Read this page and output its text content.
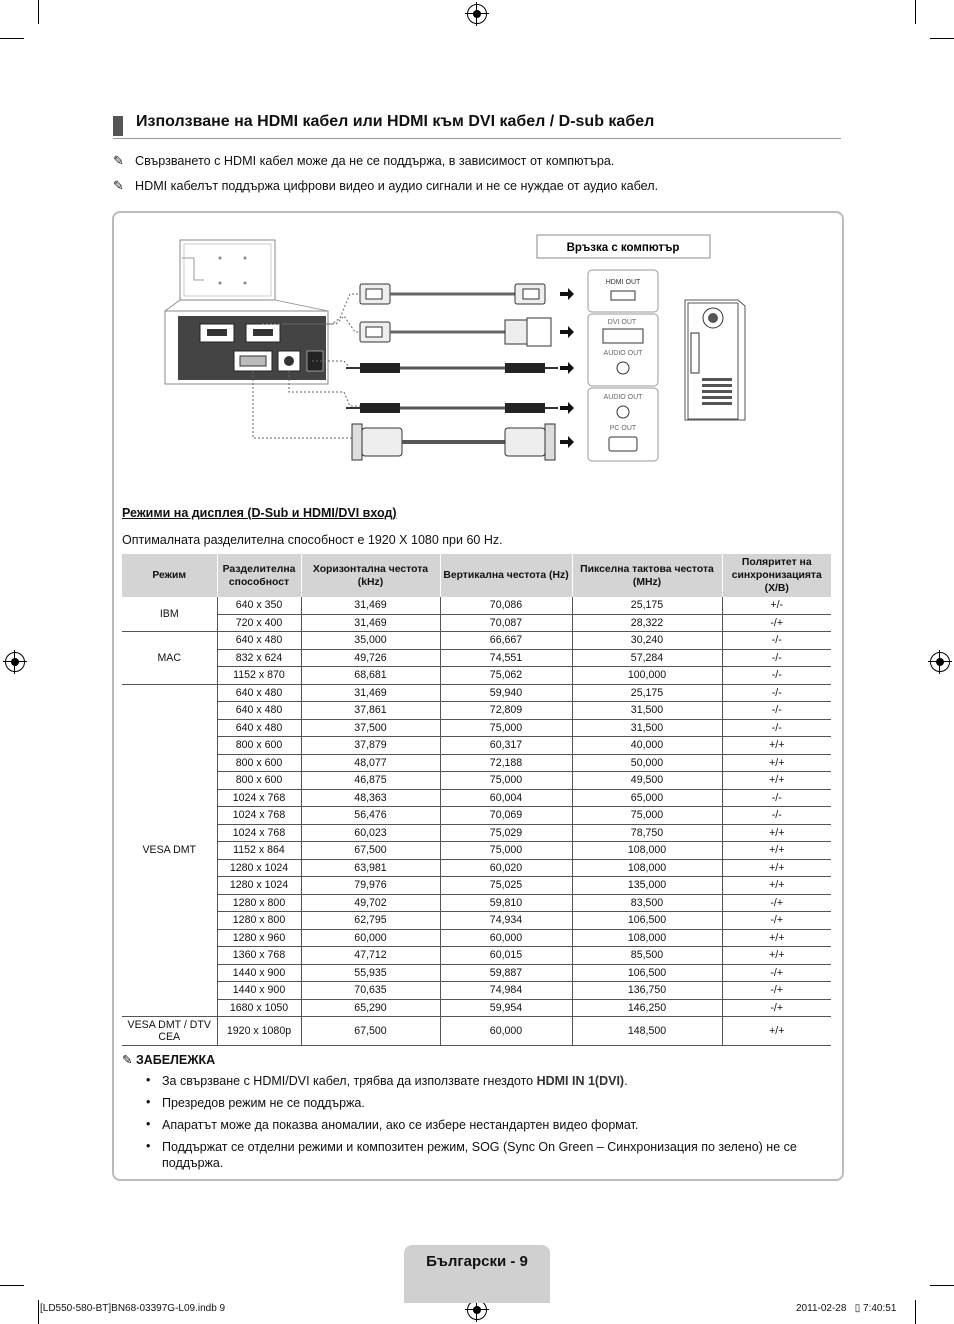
Използване на HDMI кабел или HDMI към DVI кабел / D-sub кабел
✎ Свързването с HDMI кабел може да не се поддържа, в зависимост от компютъра.
✎ HDMI кабелът поддържа цифрови видео и аудио сигнали и не се нуждае от аудио кабел.
Връзка с компютър
HDMI OUT
DVI OUT
AUDIO OUT
AUDIO OUT
PC OUT
Режими на дисплея (D-Sub и HDMI/DVI вход)
Оптималната разделителна способност е 1920 X 1080 при 60 Hz.
Режим	Разделителна способност	Хоризонтална честота (kHz)	Вертикална честота (Hz)	Пикселна тактова честота (MHz)	Поляритет на синхронизацията (Х/В)
IBM	640 x 350	31,469	70,086	25,175	+/-
	720 x 400	31,469	70,087	28,322	-/+
MAC	640 x 480	35,000	66,667	30,240	-/-
	832 x 624	49,726	74,551	57,284	-/-
	1152 x 870	68,681	75,062	100,000	-/-
VESA DMT	640 x 480	31,469	59,940	25,175	-/-
	640 x 480	37,861	72,809	31,500	-/-
	640 x 480	37,500	75,000	31,500	-/-
	800 x 600	37,879	60,317	40,000	+/+
	800 x 600	48,077	72,188	50,000	+/+
	800 x 600	46,875	75,000	49,500	+/+
	1024 x 768	48,363	60,004	65,000	-/-
	1024 x 768	56,476	70,069	75,000	-/-
	1024 x 768	60,023	75,029	78,750	+/+
	1152 x 864	67,500	75,000	108,000	+/+
	1280 x 1024	63,981	60,020	108,000	+/+
	1280 x 1024	79,976	75,025	135,000	+/+
	1280 x 800	49,702	59,810	83,500	-/+
	1280 x 800	62,795	74,934	106,500	-/+
	1280 x 960	60,000	60,000	108,000	+/+
	1360 x 768	47,712	60,015	85,500	+/+
	1440 x 900	55,935	59,887	106,500	-/+
	1440 x 900	70,635	74,984	136,750	-/+
	1680 x 1050	65,290	59,954	146,250	-/+
VESA DMT / DTV CEA	1920 x 1080p	67,500	60,000	148,500	+/+
✎ ЗАБЕЛЕЖКА
• За свързване с HDMI/DVI кабел, трябва да използвате гнездото HDMI IN 1(DVI).
• Презредов режим не се поддържа.
• Апаратът може да показва аномалии, ако се избере нестандартен видео формат.
• Поддържат се отделни режими и композитен режим, SOG (Sync On Green – Синхронизация по зелено) не се поддържа.
Български - 9
[LD550-580-BT]BN68-03397G-L09.indb 9	2011-02-28   ▯ 7:40:51
